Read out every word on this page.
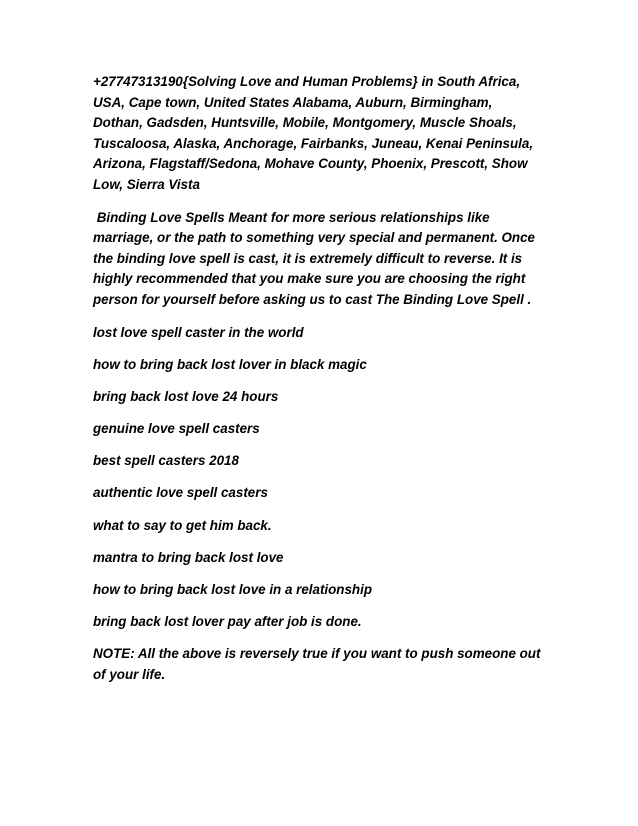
+27747313190{Solving Love and Human Problems} in South Africa, USA, Cape town, United States Alabama, Auburn, Birmingham, Dothan, Gadsden, Huntsville, Mobile, Montgomery, Muscle Shoals, Tuscaloosa, Alaska, Anchorage, Fairbanks, Juneau, Kenai Peninsula, Arizona, Flagstaff/Sedona, Mohave County, Phoenix, Prescott, Show Low, Sierra Vista

Binding Love Spells Meant for more serious relationships like marriage, or the path to something very special and permanent. Once the binding love spell is cast, it is extremely difficult to reverse. It is highly recommended that you make sure you are choosing the right person for yourself before asking us to cast The Binding Love Spell .

lost love spell caster in the world

how to bring back lost lover in black magic

bring back lost love 24 hours

genuine love spell casters

best spell casters 2018

authentic love spell casters

what to say to get him back.

mantra to bring back lost love

how to bring back lost love in a relationship

bring back lost lover pay after job is done.

NOTE: All the above is reversely true if you want to push someone out of your life.
